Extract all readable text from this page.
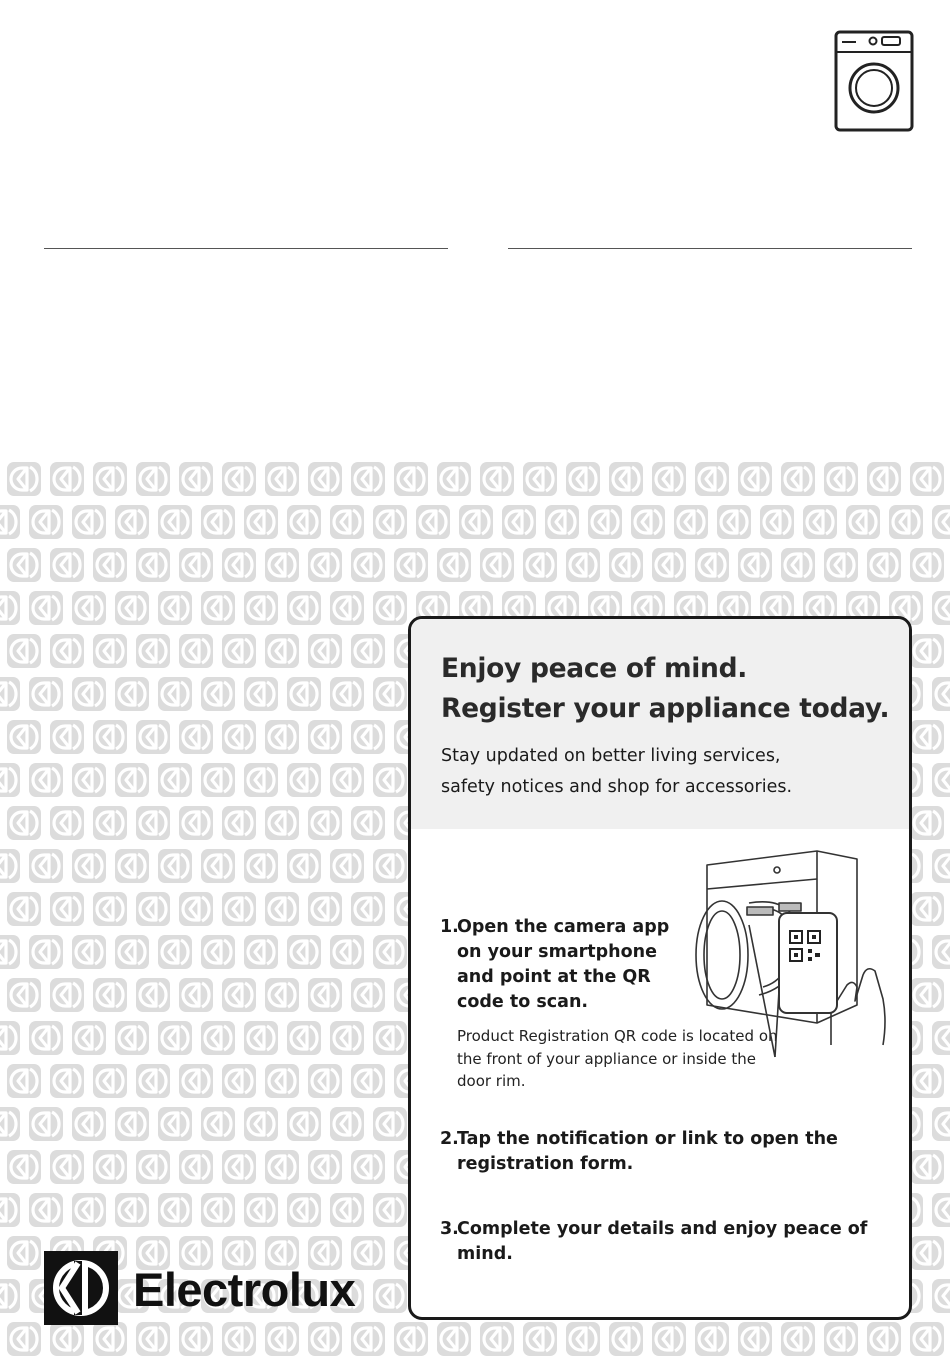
Enjoy peace of mind.
Register your appliance today.

Stay updated on better living services,
safety notices and shop for accessories.

1.
Open the camera app on your smartphone and point at the QR code to scan.

Product Registration QR code is located on the front of your appliance or inside the door rim.

2.
Tap the notification or link to open the registration form.
3.
Complete your details and enjoy peace of mind.

Electrolux
